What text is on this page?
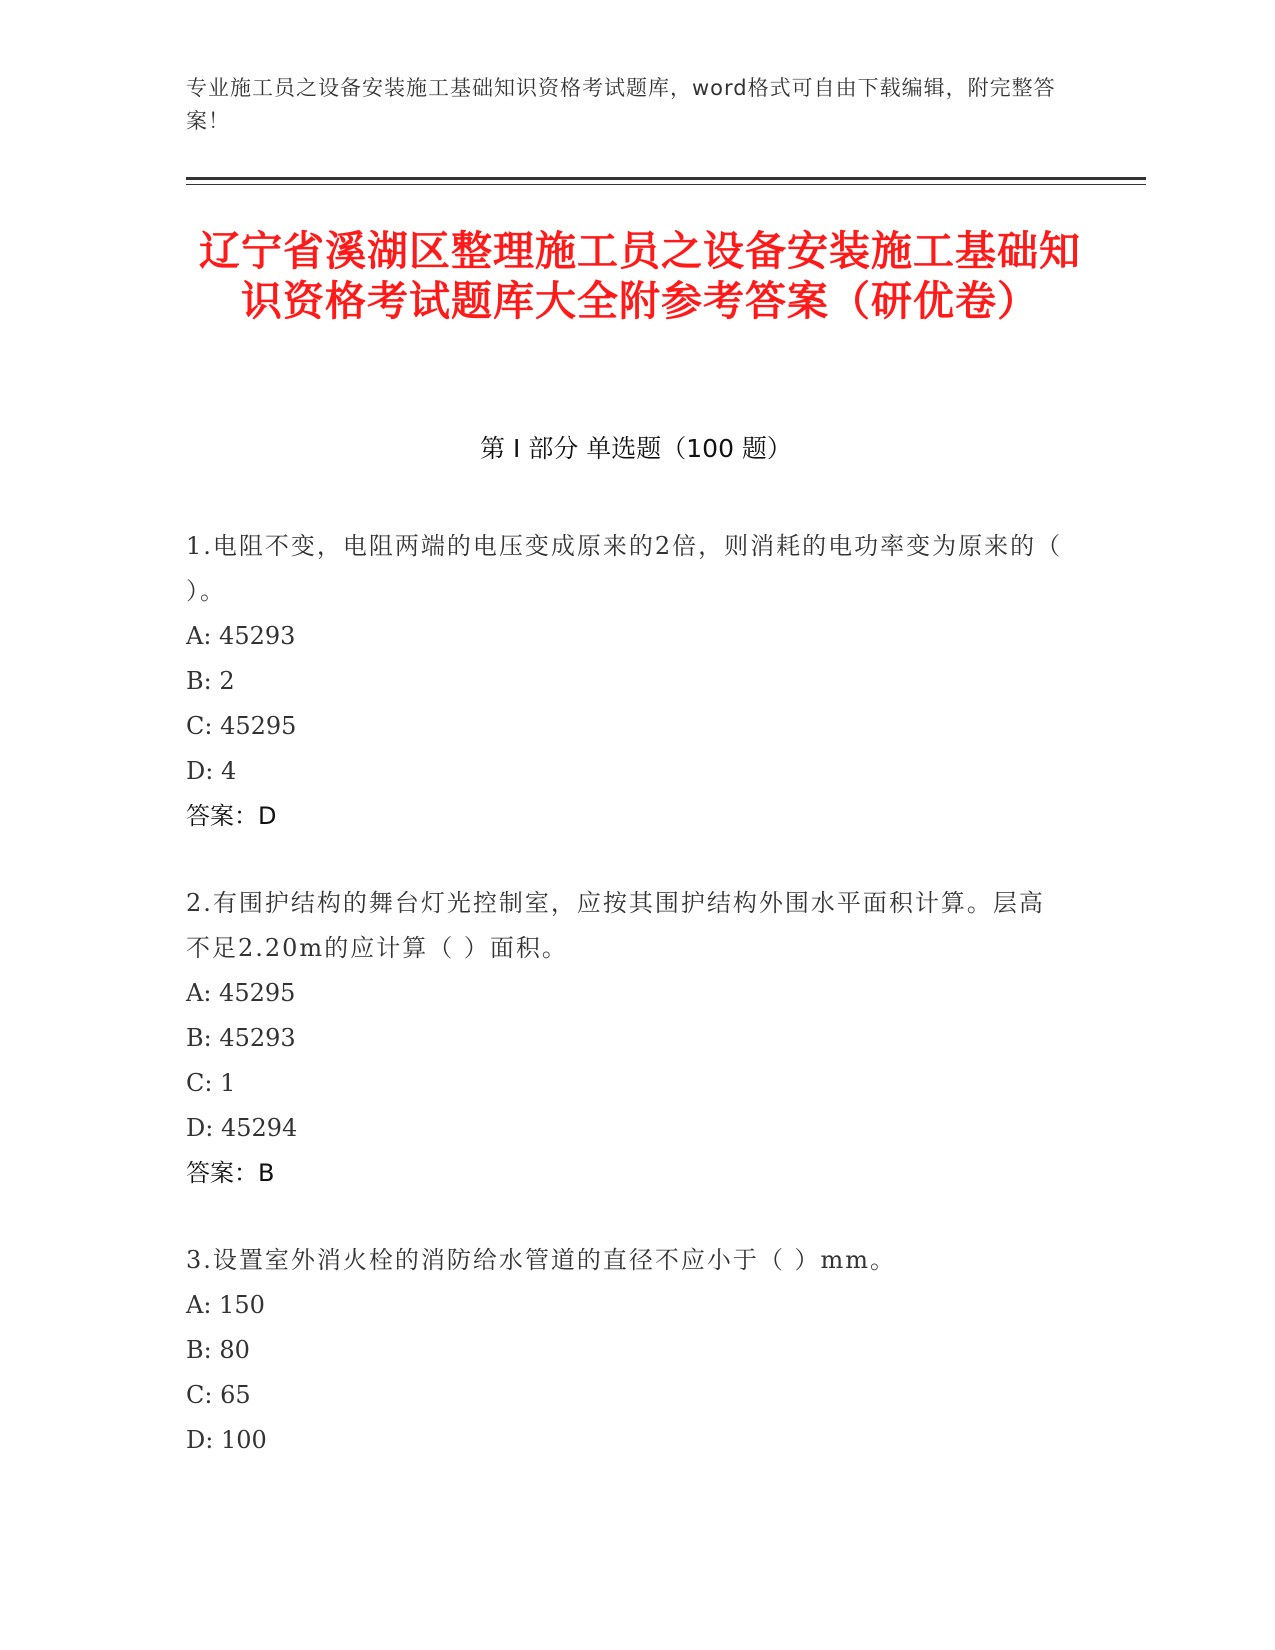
专业施工员之设备安装施工基础知识资格考试题库，word格式可自由下载编辑，附完整答案！
辽宁省溪湖区整理施工员之设备安装施工基础知识资格考试题库大全附参考答案（研优卷）
第 I 部分 单选题（100 题）
1.电阻不变，电阻两端的电压变成原来的2倍，则消耗的电功率变为原来的（ ）。
A: 45293
B: 2
C: 45295
D: 4
答案：D
2.有围护结构的舞台灯光控制室，应按其围护结构外围水平面积计算。层高不足2.20m的应计算（ ）面积。
A: 45295
B: 45293
C: 1
D: 45294
答案：B
3.设置室外消火栓的消防给水管道的直径不应小于（ ）mm。
A: 150
B: 80
C: 65
D: 100
